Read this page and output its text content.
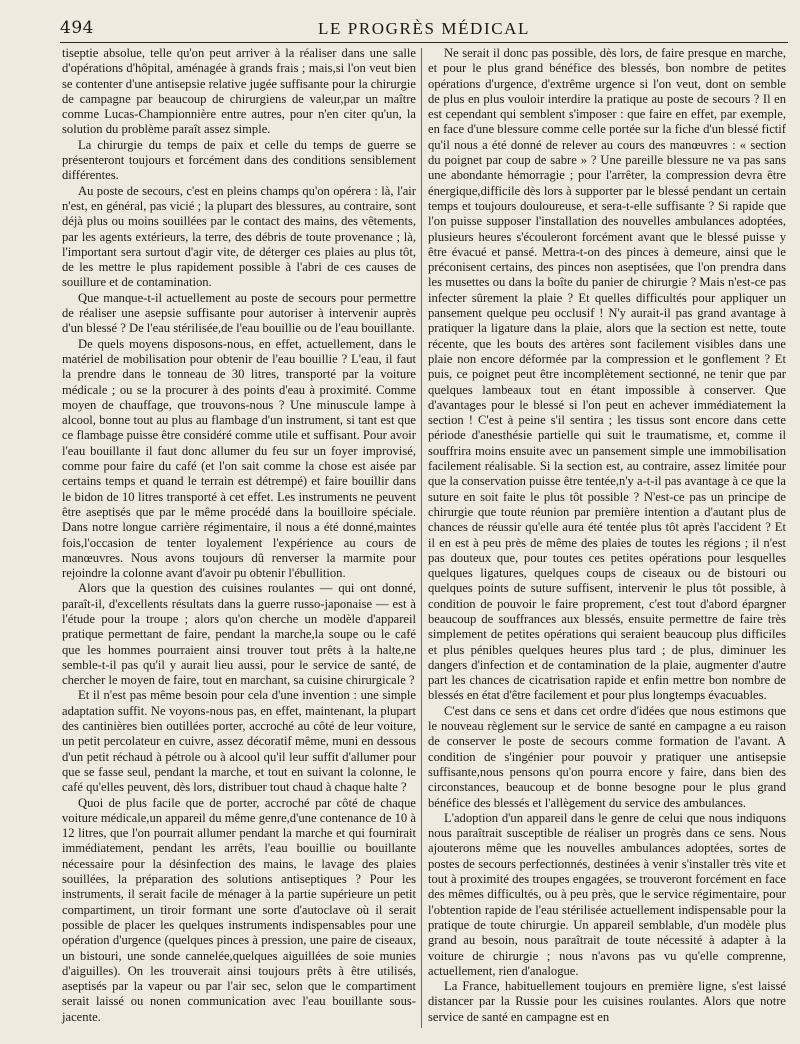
494	LE PROGRÈS MÉDICAL

tiseptie absolue, telle qu'on peut arriver à la réaliser dans une salle d'opérations d'hôpital, aménagée à grands frais ; mais,si l'on veut bien se contenter d'une antisepsie relative jugée suffisante pour la chirurgie de campagne par beaucoup de chirurgiens de valeur,par un maître comme Lucas-Championnière entre autres, pour n'en citer qu'un, la solution du problème paraît assez simple.

La chirurgie du temps de paix et celle du temps de guerre se présenteront toujours et forcément dans des conditions sensiblement différentes.

Au poste de secours, c'est en pleins champs qu'on opérera : là, l'air n'est, en général, pas vicié ; la plupart des blessures, au contraire, sont déjà plus ou moins souillées par le contact des mains, des vêtements, par les agents extérieurs, la terre, des débris de toute provenance ; là, l'important sera surtout d'agir vite, de déterger ces plaies au plus tôt, de les mettre le plus rapidement possible à l'abri de ces causes de souillure et de contamination.

Que manque-t-il actuellement au poste de secours pour permettre de réaliser une asepsie suffisante pour autoriser à intervenir auprès d'un blessé ? De l'eau stérilisée,de l'eau bouillie ou de l'eau bouillante.

De quels moyens disposons-nous, en effet, actuellement, dans le matériel de mobilisation pour obtenir de l'eau bouillie ? L'eau, il faut la prendre dans le tonneau de 30 litres, transporté par la voiture médicale ; ou se la procurer à des points d'eau à proximité. Comme moyen de chauffage, que trouvons-nous ? Une minuscule lampe à alcool, bonne tout au plus au flambage d'un instrument, si tant est que ce flambage puisse être considéré comme utile et suffisant. Pour avoir l'eau bouillante il faut donc allumer du feu sur un foyer improvisé, comme pour faire du café (et l'on sait comme la chose est aisée par certains temps et quand le terrain est détrempé) et faire bouillir dans le bidon de 10 litres transporté à cet effet. Les instruments ne peuvent être aseptisés que par le même procédé dans la bouilloire spéciale. Dans notre longue carrière régimentaire, il nous a été donné,maintes fois,l'occasion de tenter loyalement l'expérience au cours de manœuvres. Nous avons toujours dû renverser la marmite pour rejoindre la colonne avant d'avoir pu obtenir l'ébullition.

Alors que la question des cuisines roulantes — qui ont donné, paraît-il, d'excellents résultats dans la guerre russo-japonaise — est à l'étude pour la troupe ; alors qu'on cherche un modèle d'appareil pratique permettant de faire, pendant la marche,la soupe ou le café que les hommes pourraient ainsi trouver tout prêts à la halte,ne semble-t-il pas qu'il y aurait lieu aussi, pour le service de santé, de chercher le moyen de faire, tout en marchant, sa cuisine chirurgicale ?

Et il n'est pas même besoin pour cela d'une invention : une simple adaptation suffit. Ne voyons-nous pas, en effet, maintenant, la plupart des cantinières bien outillées porter, accroché au côté de leur voiture, un petit percolateur en cuivre, assez décoratif même, muni en dessous d'un petit réchaud à pétrole ou à alcool qu'il leur suffit d'allumer pour que se fasse seul, pendant la marche, et tout en suivant la colonne, le café qu'elles peuvent, dès lors, distribuer tout chaud à chaque halte ?

Quoi de plus facile que de porter, accroché par côté de chaque voiture médicale,un appareil du même genre,d'une contenance de 10 à 12 litres, que l'on pourrait allumer pendant la marche et qui fournirait immédiatement, pendant les arrêts, l'eau bouillie ou bouillante nécessaire pour la désinfection des mains, le lavage des plaies souillées, la préparation des solutions antiseptiques ? Pour les instruments, il serait facile de ménager à la partie supérieure un petit compartiment, un tiroir formant une sorte d'autoclave où il serait possible de placer les quelques instruments indispensables pour une opération d'urgence (quelques pinces à pression, une paire de ciseaux, un bistouri, une sonde cannelée,quelques aiguillées de soie munies d'aiguilles). On les trouverait ainsi toujours prêts à être utilisés, aseptisés par la vapeur ou par l'air sec, selon que le compartiment serait laissé ou nonen communication avec l'eau bouillante sous-jacente.

Ne serait il donc pas possible, dès lors, de faire presque en marche, et pour le plus grand bénéfice des blessés, bon nombre de petites opérations d'urgence, d'extrême urgence si l'on veut, dont on semble de plus en plus vouloir interdire la pratique au poste de secours ? Il en est cependant qui semblent s'imposer : que faire en effet, par exemple, en face d'une blessure comme celle portée sur la fiche d'un blessé fictif qu'il nous a été donné de relever au cours des manœuvres : « section du poignet par coup de sabre » ? Une pareille blessure ne va pas sans une abondante hémorragie ; pour l'arrêter, la compression devra être énergique,difficile dès lors à supporter par le blessé pendant un certain temps et toujours douloureuse, et sera-t-elle suffisante ? Si rapide que l'on puisse supposer l'installation des nouvelles ambulances adoptées, plusieurs heures s'écouleront forcément avant que le blessé puisse y être évacué et pansé. Mettra-t-on des pinces à demeure, ainsi que le préconisent certains, des pinces non aseptisées, que l'on prendra dans les musettes ou dans la boîte du panier de chirurgie ? Mais n'est-ce pas infecter sûrement la plaie ? Et quelles difficultés pour appliquer un pansement quelque peu occlusif ! N'y aurait-il pas grand avantage à pratiquer la ligature dans la plaie, alors que la section est nette, toute récente, que les bouts des artères sont facilement visibles dans une plaie non encore déformée par la compression et le gonflement ? Et puis, ce poignet peut être incomplètement sectionné, ne tenir que par quelques lambeaux tout en étant impossible à conserver. Que d'avantages pour le blessé si l'on peut en achever immédiatement la section ! C'est à peine s'il sentira ; les tissus sont encore dans cette période d'anesthésie partielle qui suit le traumatisme, et, comme il souffrira moins ensuite avec un pansement simple une immobilisation facilement réalisable. Si la section est, au contraire, assez limitée pour que la conservation puisse être tentée,n'y a-t-il pas avantage à ce que la suture en soit faite le plus tôt possible ? N'est-ce pas un principe de chirurgie que toute réunion par première intention a d'autant plus de chances de réussir qu'elle aura été tentée plus tôt après l'accident ? Et il en est à peu près de même des plaies de toutes les régions ; il n'est pas douteux que, pour toutes ces petites opérations pour lesquelles quelques ligatures, quelques coups de ciseaux ou de bistouri ou quelques points de suture suffisent, intervenir le plus tôt possible, à condition de pouvoir le faire proprement, c'est tout d'abord épargner beaucoup de souffrances aux blessés, ensuite permettre de faire très simplement de petites opérations qui seraient beaucoup plus difficiles et plus pénibles quelques heures plus tard ; de plus, diminuer les dangers d'infection et de contamination de la plaie, augmenter d'autre part les chances de cicatrisation rapide et enfin mettre bon nombre de blessés en état d'être facilement et pour plus longtemps évacuables.

C'est dans ce sens et dans cet ordre d'idées que nous estimons que le nouveau règlement sur le service de santé en campagne a eu raison de conserver le poste de secours comme formation de l'avant. A condition de s'ingénier pour pouvoir y pratiquer une antisepsie suffisante,nous pensons qu'on pourra encore y faire, dans bien des circonstances, beaucoup et de bonne besogne pour le plus grand bénéfice des blessés et l'allègement du service des ambulances.

L'adoption d'un appareil dans le genre de celui que nous indiquons nous paraîtrait susceptible de réaliser un progrès dans ce sens. Nous ajouterons même que les nouvelles ambulances adoptées, sortes de postes de secours perfectionnés, destinées à venir s'installer très vite et tout à proximité des troupes engagées, se trouveront forcément en face des mêmes difficultés, ou à peu près, que le service régimentaire, pour l'obtention rapide de l'eau stérilisée actuellement indispensable pour la pratique de toute chirurgie. Un appareil semblable, d'un modèle plus grand au besoin, nous paraîtrait de toute nécessité à adapter à la voiture de chirurgie ; nous n'avons pas vu qu'elle comprenne, actuellement, rien d'analogue.

La France, habituellement toujours en première ligne, s'est laissé distancer par la Russie pour les cuisines roulantes. Alors que notre service de santé en campagne est en
